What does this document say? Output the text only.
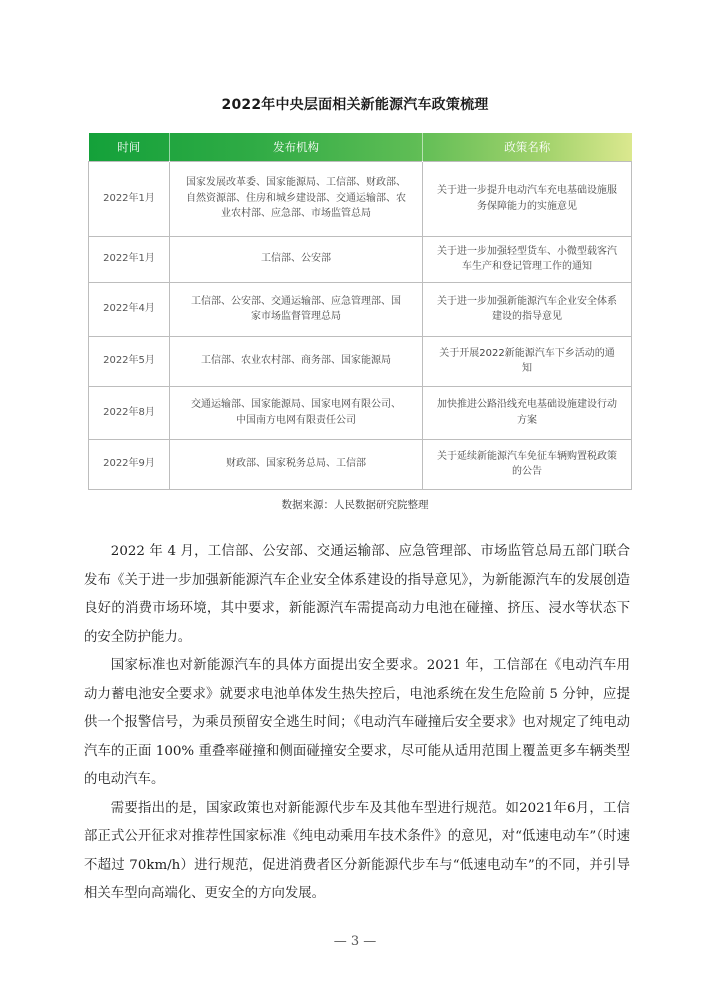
2022年中央层面相关新能源汽车政策梳理
时间	发布机构	政策名称
2022年1月	国家发展改革委、国家能源局、工信部、财政部、自然资源部、住房和城乡建设部、交通运输部、农业农村部、应急部、市场监管总局	关于进一步提升电动汽车充电基础设施服务保障能力的实施意见
2022年1月	工信部、公安部	关于进一步加强轻型货车、小微型载客汽车生产和登记管理工作的通知
2022年4月	工信部、公安部、交通运输部、应急管理部、国家市场监督管理总局	关于进一步加强新能源汽车企业安全体系建设的指导意见
2022年5月	工信部、农业农村部、商务部、国家能源局	关于开展2022新能源汽车下乡活动的通知
2022年8月	交通运输部、国家能源局、国家电网有限公司、中国南方电网有限责任公司	加快推进公路沿线充电基础设施建设行动方案
2022年9月	财政部、国家税务总局、工信部	关于延续新能源汽车免征车辆购置税政策的公告
数据来源：人民数据研究院整理

2022 年 4 月，工信部、公安部、交通运输部、应急管理部、市场监管总局五部门联合发布《关于进一步加强新能源汽车企业安全体系建设的指导意见》，为新能源汽车的发展创造良好的消费市场环境，其中要求，新能源汽车需提高动力电池在碰撞、挤压、浸水等状态下的安全防护能力。

国家标准也对新能源汽车的具体方面提出安全要求。2021 年，工信部在《电动汽车用动力蓄电池安全要求》就要求电池单体发生热失控后，电池系统在发生危险前 5 分钟，应提供一个报警信号，为乘员预留安全逃生时间；《电动汽车碰撞后安全要求》也对规定了纯电动汽车的正面 100% 重叠率碰撞和侧面碰撞安全要求，尽可能从适用范围上覆盖更多车辆类型的电动汽车。

需要指出的是，国家政策也对新能源代步车及其他车型进行规范。如2021年6月，工信部正式公开征求对推荐性国家标准《纯电动乘用车技术条件》的意见，对“低速电动车”（时速不超过 70km/h）进行规范，促进消费者区分新能源代步车与“低速电动车”的不同，并引导相关车型向高端化、更安全的方向发展。

— 3 —
